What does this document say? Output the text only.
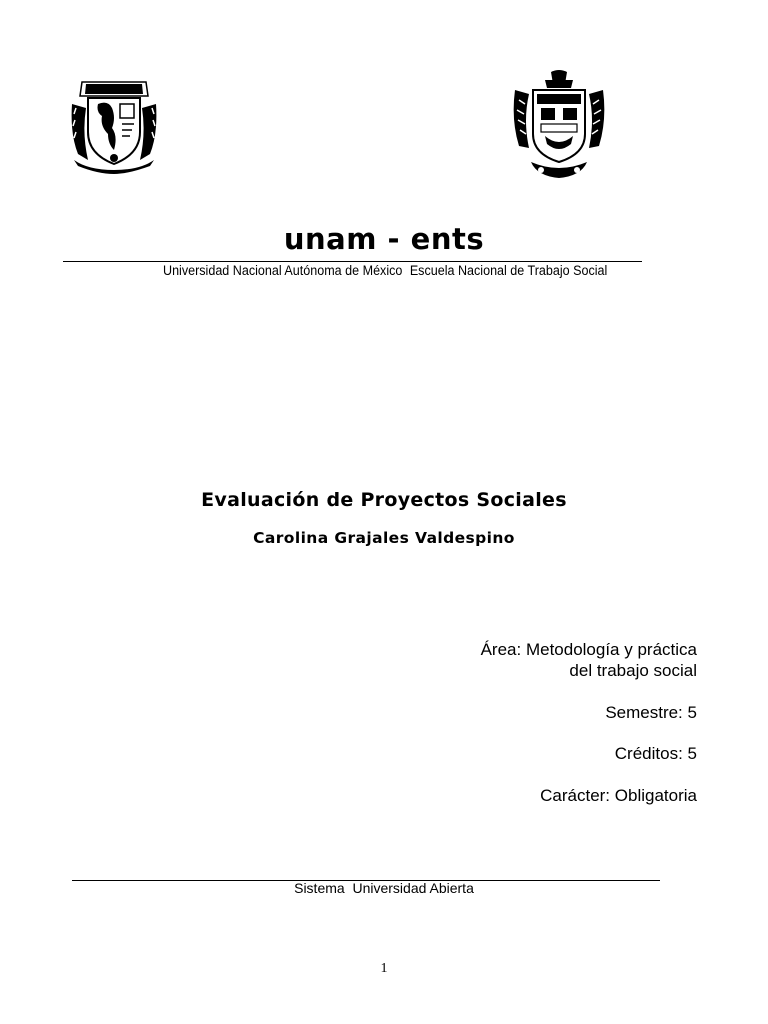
unam - ents
Universidad Nacional Autónoma de México Escuela Nacional de Trabajo Social
Evaluación de Proyectos Sociales
Carolina Grajales Valdespino
Área: Metodología y práctica
del trabajo social
Semestre: 5
Créditos: 5
Carácter: Obligatoria
Sistema  Universidad Abierta
1
